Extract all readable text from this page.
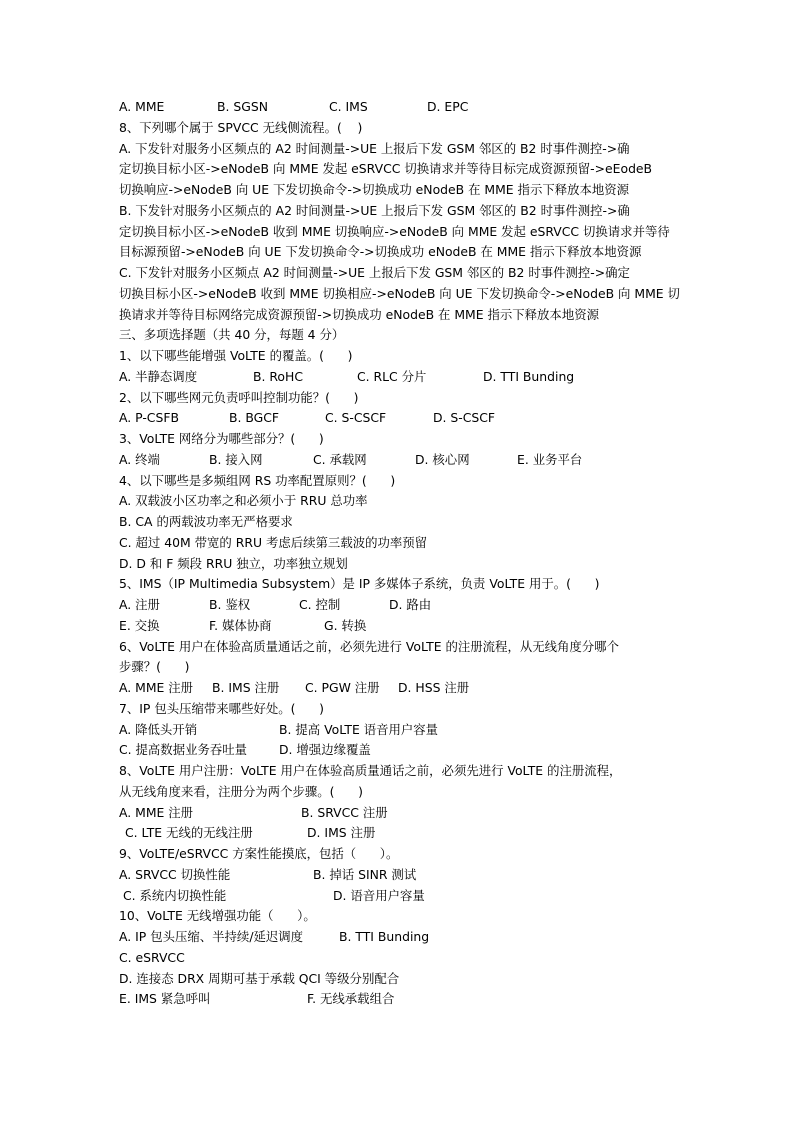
A. MME	B. SGSN	C. IMS	D. EPC
8、下列哪个属于 SPVCC 无线侧流程。(    )
A. 下发针对服务小区频点的 A2 时间测量->UE 上报后下发 GSM 邻区的 B2 时事件测控->确
定切换目标小区->eNodeB 向 MME 发起 eSRVCC 切换请求并等待目标完成资源预留->eEodeB
切换响应->eNodeB 向 UE 下发切换命令->切换成功 eNodeB 在 MME 指示下释放本地资源
B. 下发针对服务小区频点的 A2 时间测量->UE 上报后下发 GSM 邻区的 B2 时事件测控->确
定切换目标小区->eNodeB 收到 MME 切换响应->eNodeB 向 MME 发起 eSRVCC 切换请求并等待
目标源预留->eNodeB 向 UE 下发切换命令->切换成功 eNodeB 在 MME 指示下释放本地资源
C. 下发针对服务小区频点 A2 时间测量->UE 上报后下发 GSM 邻区的 B2 时事件测控->确定
切换目标小区->eNodeB 收到 MME 切换相应->eNodeB 向 UE 下发切换命令->eNodeB 向 MME 切
换请求并等待目标网络完成资源预留->切换成功 eNodeB 在 MME 指示下释放本地资源
三、多项选择题（共 40 分，每题 4 分）
1、以下哪些能增强 VoLTE 的覆盖。(      )
A. 半静态调度	B. RoHC	C. RLC 分片	D. TTI Bunding
2、以下哪些网元负责呼叫控制功能？(      )
A. P-CSFB	B. BGCF	C. S-CSCF	D. S-CSCF
3、VoLTE 网络分为哪些部分？(      )
A. 终端	B. 接入网	C. 承载网	D. 核心网	E. 业务平台
4、以下哪些是多频组网 RS 功率配置原则？(      )
A. 双载波小区功率之和必须小于 RRU 总功率
B. CA 的两载波功率无严格要求
C. 超过 40M 带宽的 RRU 考虑后续第三载波的功率预留
D. D 和 F 频段 RRU 独立，功率独立规划
5、IMS（IP Multimedia Subsystem）是 IP 多媒体子系统，负责 VoLTE 用于。(      )
A. 注册	B. 鉴权	C. 控制	D. 路由
E. 交换	F. 媒体协商	G. 转换
6、VoLTE 用户在体验高质量通话之前，必须先进行 VoLTE 的注册流程，从无线角度分哪个
步骤？(      )
A. MME 注册 B. IMS 注册 C. PGW 注册 D. HSS 注册
7、IP 包头压缩带来哪些好处。(      )
A. 降低头开销	B. 提高 VoLTE 语音用户容量
C. 提高数据业务吞吐量	D. 增强边缘覆盖
8、VoLTE 用户注册：VoLTE 用户在体验高质量通话之前，必须先进行 VoLTE 的注册流程，
从无线角度来看，注册分为两个步骤。(      )
A. MME 注册	B. SRVCC 注册
C. LTE 无线的无线注册	D. IMS 注册
9、VoLTE/eSRVCC 方案性能摸底，包括（      ）。
A. SRVCC 切换性能	B. 掉话 SINR 测试
C. 系统内切换性能	D. 语音用户容量
10、VoLTE 无线增强功能（      ）。
A. IP 包头压缩、半持续/延迟调度	B. TTI Bunding
C. eSRVCC
D. 连接态 DRX 周期可基于承载 QCI 等级分别配合
E. IMS 紧急呼叫	F. 无线承载组合
